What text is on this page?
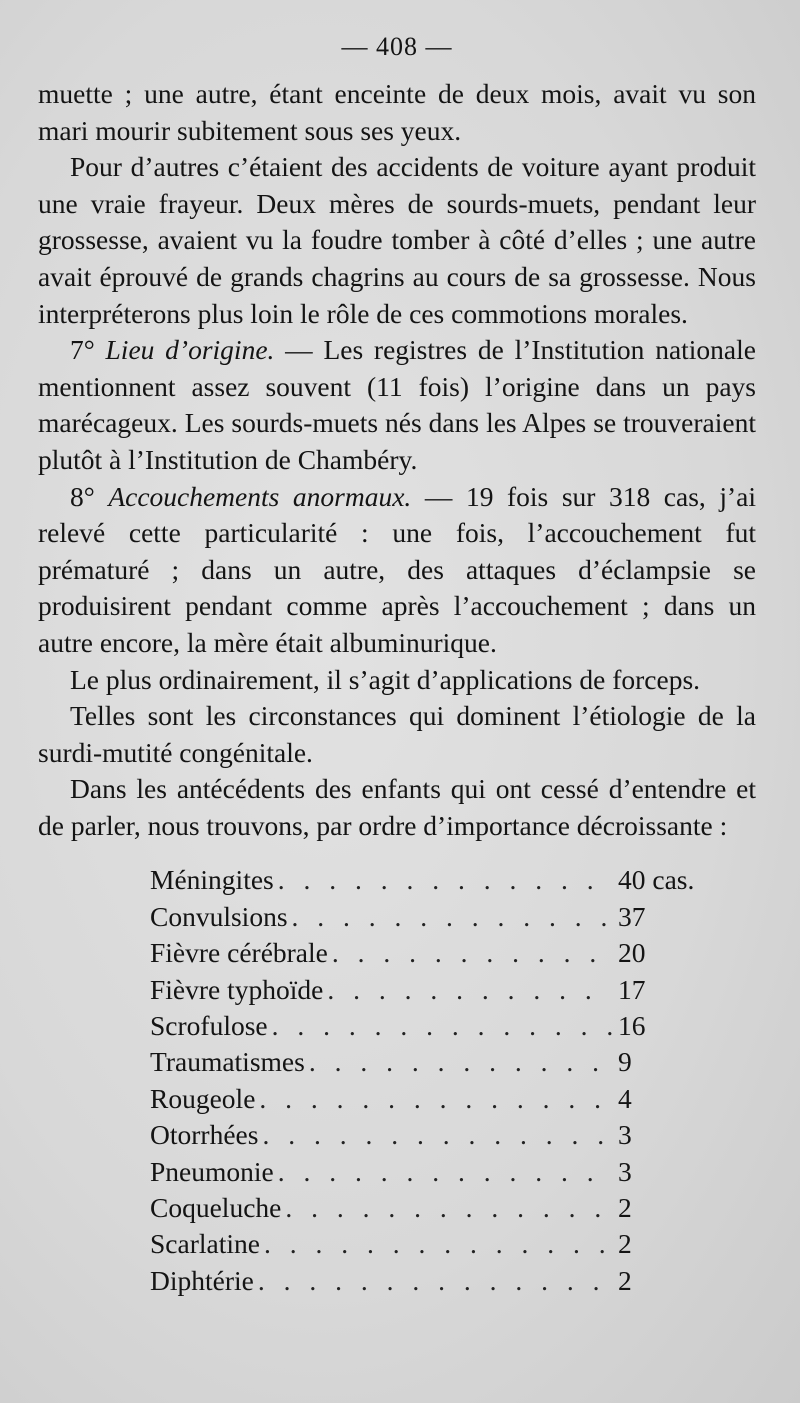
— 408 —

muette ; une autre, étant enceinte de deux mois, avait vu son mari mourir subitement sous ses yeux.

Pour d’autres c’étaient des accidents de voiture ayant produit une vraie frayeur. Deux mères de sourds-muets, pendant leur grossesse, avaient vu la foudre tomber à côté d’elles ; une autre avait éprouvé de grands chagrins au cours de sa grossesse. Nous interpréterons plus loin le rôle de ces commotions morales.

7° Lieu d’origine. — Les registres de l’Institution nationale mentionnent assez souvent (11 fois) l’origine dans un pays marécageux. Les sourds-muets nés dans les Alpes se trouveraient plutôt à l’Institution de Chambéry.

8° Accouchements anormaux. — 19 fois sur 318 cas, j’ai relevé cette particularité : une fois, l’accouchement fut prématuré ; dans un autre, des attaques d’éclampsie se produisirent pendant comme après l’accouchement ; dans un autre encore, la mère était albuminurique.

Le plus ordinairement, il s’agit d’applications de forceps.

Telles sont les circonstances qui dominent l’étiologie de la surdi-mutité congénitale.

Dans les antécédents des enfants qui ont cessé d’entendre et de parler, nous trouvons, par ordre d’importance décroissante :

Méningites . . .	40 cas.
Convulsions . . .	37
Fièvre cérébrale . . .	20
Fièvre typhoïde . . .	17
Scrofulose . . .	16
Traumatismes . . .	9
Rougeole . . .	4
Otorrhées . . .	3
Pneumonie . . .	3
Coqueluche . . .	2
Scarlatine . . .	2
Diphtérie . . .	2
